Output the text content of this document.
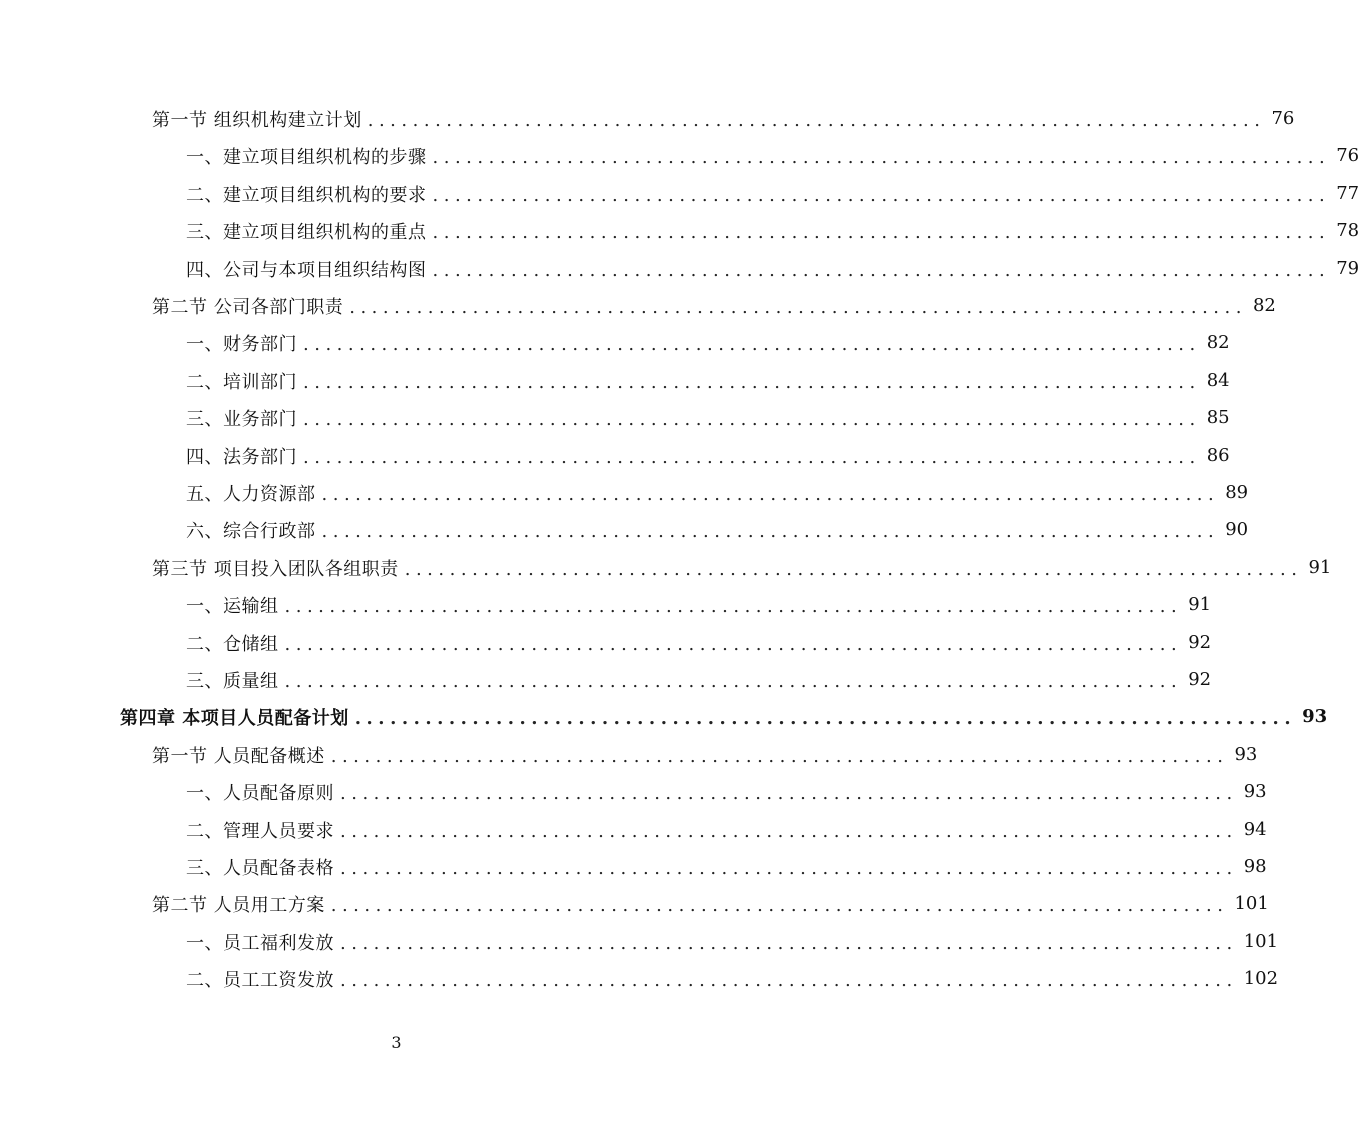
第一节 组织机构建立计划 ................................................................................ 76
一、建立项目组织机构的步骤 ................................................................................ 76
二、建立项目组织机构的要求 ................................................................................ 77
三、建立项目组织机构的重点 ................................................................................ 78
四、公司与本项目组织结构图 ................................................................................ 79
第二节 公司各部门职责 ................................................................................ 82
一、财务部门 ................................................................................ 82
二、培训部门 ................................................................................ 84
三、业务部门 ................................................................................ 85
四、法务部门 ................................................................................ 86
五、人力资源部 ................................................................................ 89
六、综合行政部 ................................................................................ 90
第三节 项目投入团队各组职责 ................................................................................ 91
一、运输组 ................................................................................ 91
二、仓储组 ................................................................................ 92
三、质量组 ................................................................................ 92
第四章 本项目人员配备计划 ................................................................................ 93
第一节 人员配备概述 ................................................................................ 93
一、人员配备原则 ................................................................................ 93
二、管理人员要求 ................................................................................ 94
三、人员配备表格 ................................................................................ 98
第二节 人员用工方案 ................................................................................ 101
一、员工福利发放 ................................................................................ 101
二、员工工资发放 ................................................................................ 102
3
